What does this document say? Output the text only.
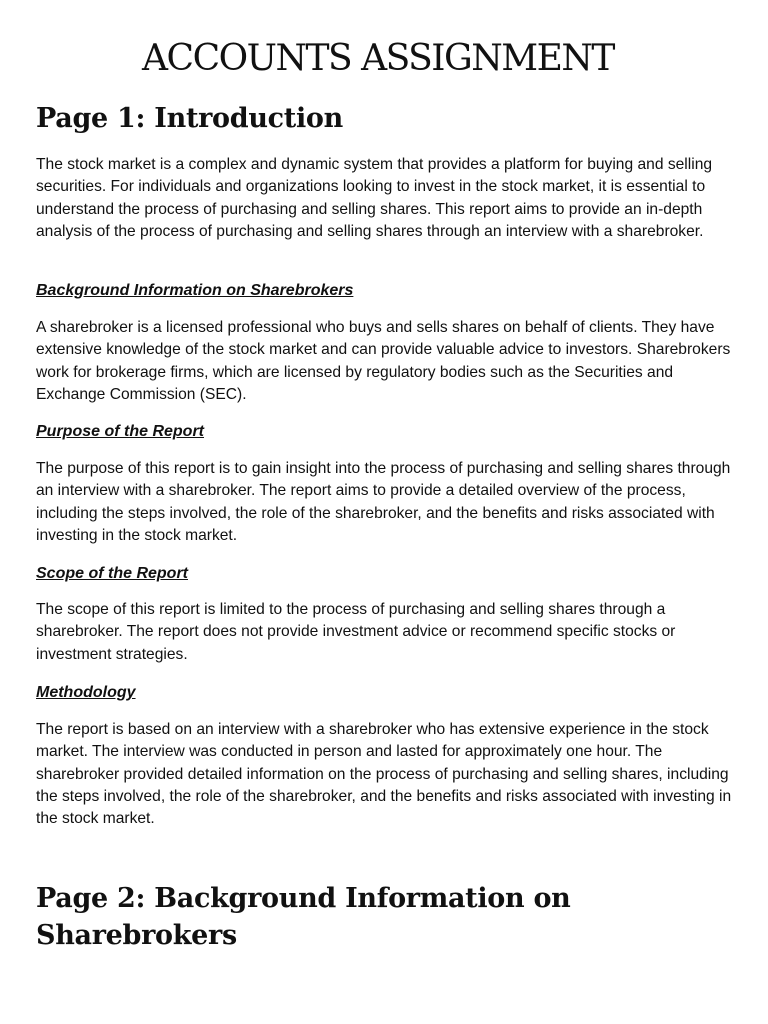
ACCOUNTS ASSIGNMENT
Page 1: Introduction

The stock market is a complex and dynamic system that provides a platform for buying and selling securities. For individuals and organizations looking to invest in the stock market, it is essential to understand the process of purchasing and selling shares. This report aims to provide an in-depth analysis of the process of purchasing and selling shares through an interview with a sharebroker.

Background Information on Sharebrokers

A sharebroker is a licensed professional who buys and sells shares on behalf of clients. They have extensive knowledge of the stock market and can provide valuable advice to investors. Sharebrokers work for brokerage firms, which are licensed by regulatory bodies such as the Securities and Exchange Commission (SEC).

Purpose of the Report

The purpose of this report is to gain insight into the process of purchasing and selling shares through an interview with a sharebroker. The report aims to provide a detailed overview of the process, including the steps involved, the role of the sharebroker, and the benefits and risks associated with investing in the stock market.

Scope of the Report

The scope of this report is limited to the process of purchasing and selling shares through a sharebroker. The report does not provide investment advice or recommend specific stocks or investment strategies.

Methodology

The report is based on an interview with a sharebroker who has extensive experience in the stock market. The interview was conducted in person and lasted for approximately one hour. The sharebroker provided detailed information on the process of purchasing and selling shares, including the steps involved, the role of the sharebroker, and the benefits and risks associated with investing in the stock market.

Page 2: Background Information on Sharebrokers
